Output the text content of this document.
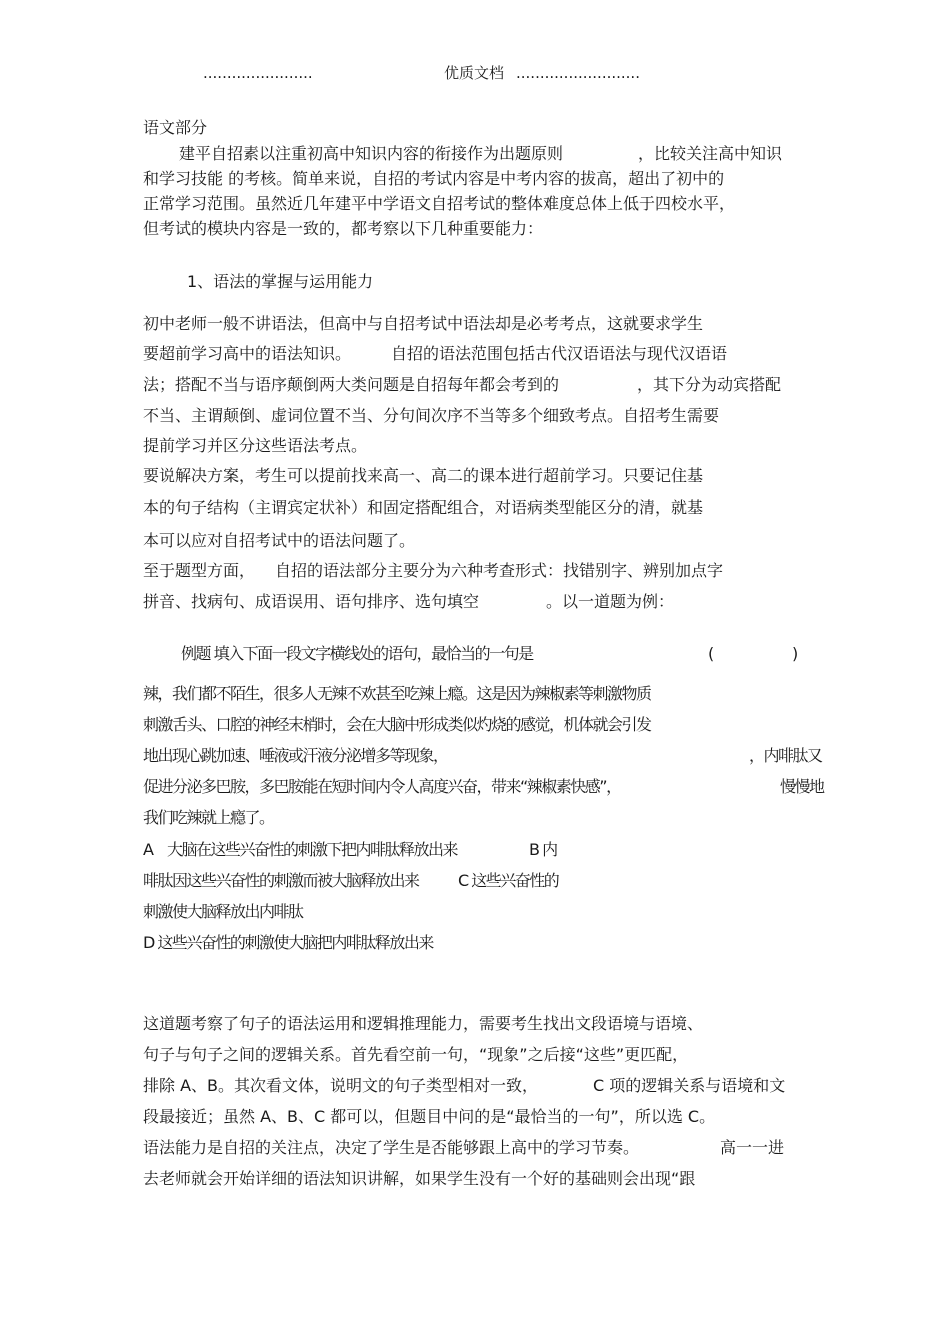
.......................	优质文档 ..........................
语文部分
建平自招素以注重初高中知识内容的衔接作为出题原则	，比较关注高中知识
和学习技能 的考核。简单来说，自招的考试内容是中考内容的拔高，超出了初中的
正常学习范围。虽然近几年建平中学语文自招考试的整体难度总体上低于四校水平，
但考试的模块内容是一致的，都考察以下几种重要能力：
1、语法的掌握与运用能力
初中老师一般不讲语法，但高中与自招考试中语法却是必考考点，这就要求学生
要超前学习高中的语法知识。 自招的语法范围包括古代汉语语法与现代汉语语
法；搭配不当与语序颠倒两大类问题是自招每年都会考到的	，其下分为动宾搭配
不当、主谓颠倒、虚词位置不当、分句间次序不当等多个细致考点。自招考生需要
提前学习并区分这些语法考点。
要说解决方案，考生可以提前找来高一、高二的课本进行超前学习。只要记住基
本的句子结构（主谓宾定状补）和固定搭配组合，对语病类型能区分的清，就基
本可以应对自招考试中的语法问题了。
至于题型方面， 自招的语法部分主要分为六种考查形式：找错别字、辨别加点字
拼音、找病句、成语误用、语句排序、选句填空	。以一道题为例：
例题 填入下面一段文字横线处的语句，最恰当的一句是	(	)
辣，我们都不陌生，很多人无辣不欢甚至吃辣上瘾。这是因为辣椒素等刺激物质
刺激舌头、口腔的神经末梢时，会在大脑中形成类似灼烧的感觉，机体就会引发
地出现心跳加速、唾液或汗液分泌增多等现象，	，内啡肽又
促进分泌多巴胺，多巴胺能在短时间内令人高度兴奋，带来“辣椒素快感”，	慢慢地
我们吃辣就上瘾了。
A　大脑在这些兴奋性的刺激下把内啡肽释放出来	B 内
啡肽因这些兴奋性的刺激而被大脑释放出来 C 这些兴奋性的
刺激使大脑释放出内啡肽
D 这些兴奋性的刺激使大脑把内啡肽释放出来
这道题考察了句子的语法运用和逻辑推理能力，需要考生找出文段语境与语境、
句子与句子之间的逻辑关系。首先看空前一句，“现象”之后接“这些”更匹配，
排除 A、B。其次看文体，说明文的句子类型相对一致，	C 项的逻辑关系与语境和文
段最接近；虽然 A、B、C 都可以，但题目中问的是“最恰当的一句”，所以选 C。
语法能力是自招的关注点，决定了学生是否能够跟上高中的学习节奏。	高一一进
去老师就会开始详细的语法知识讲解，如果学生没有一个好的基础则会出现“跟
